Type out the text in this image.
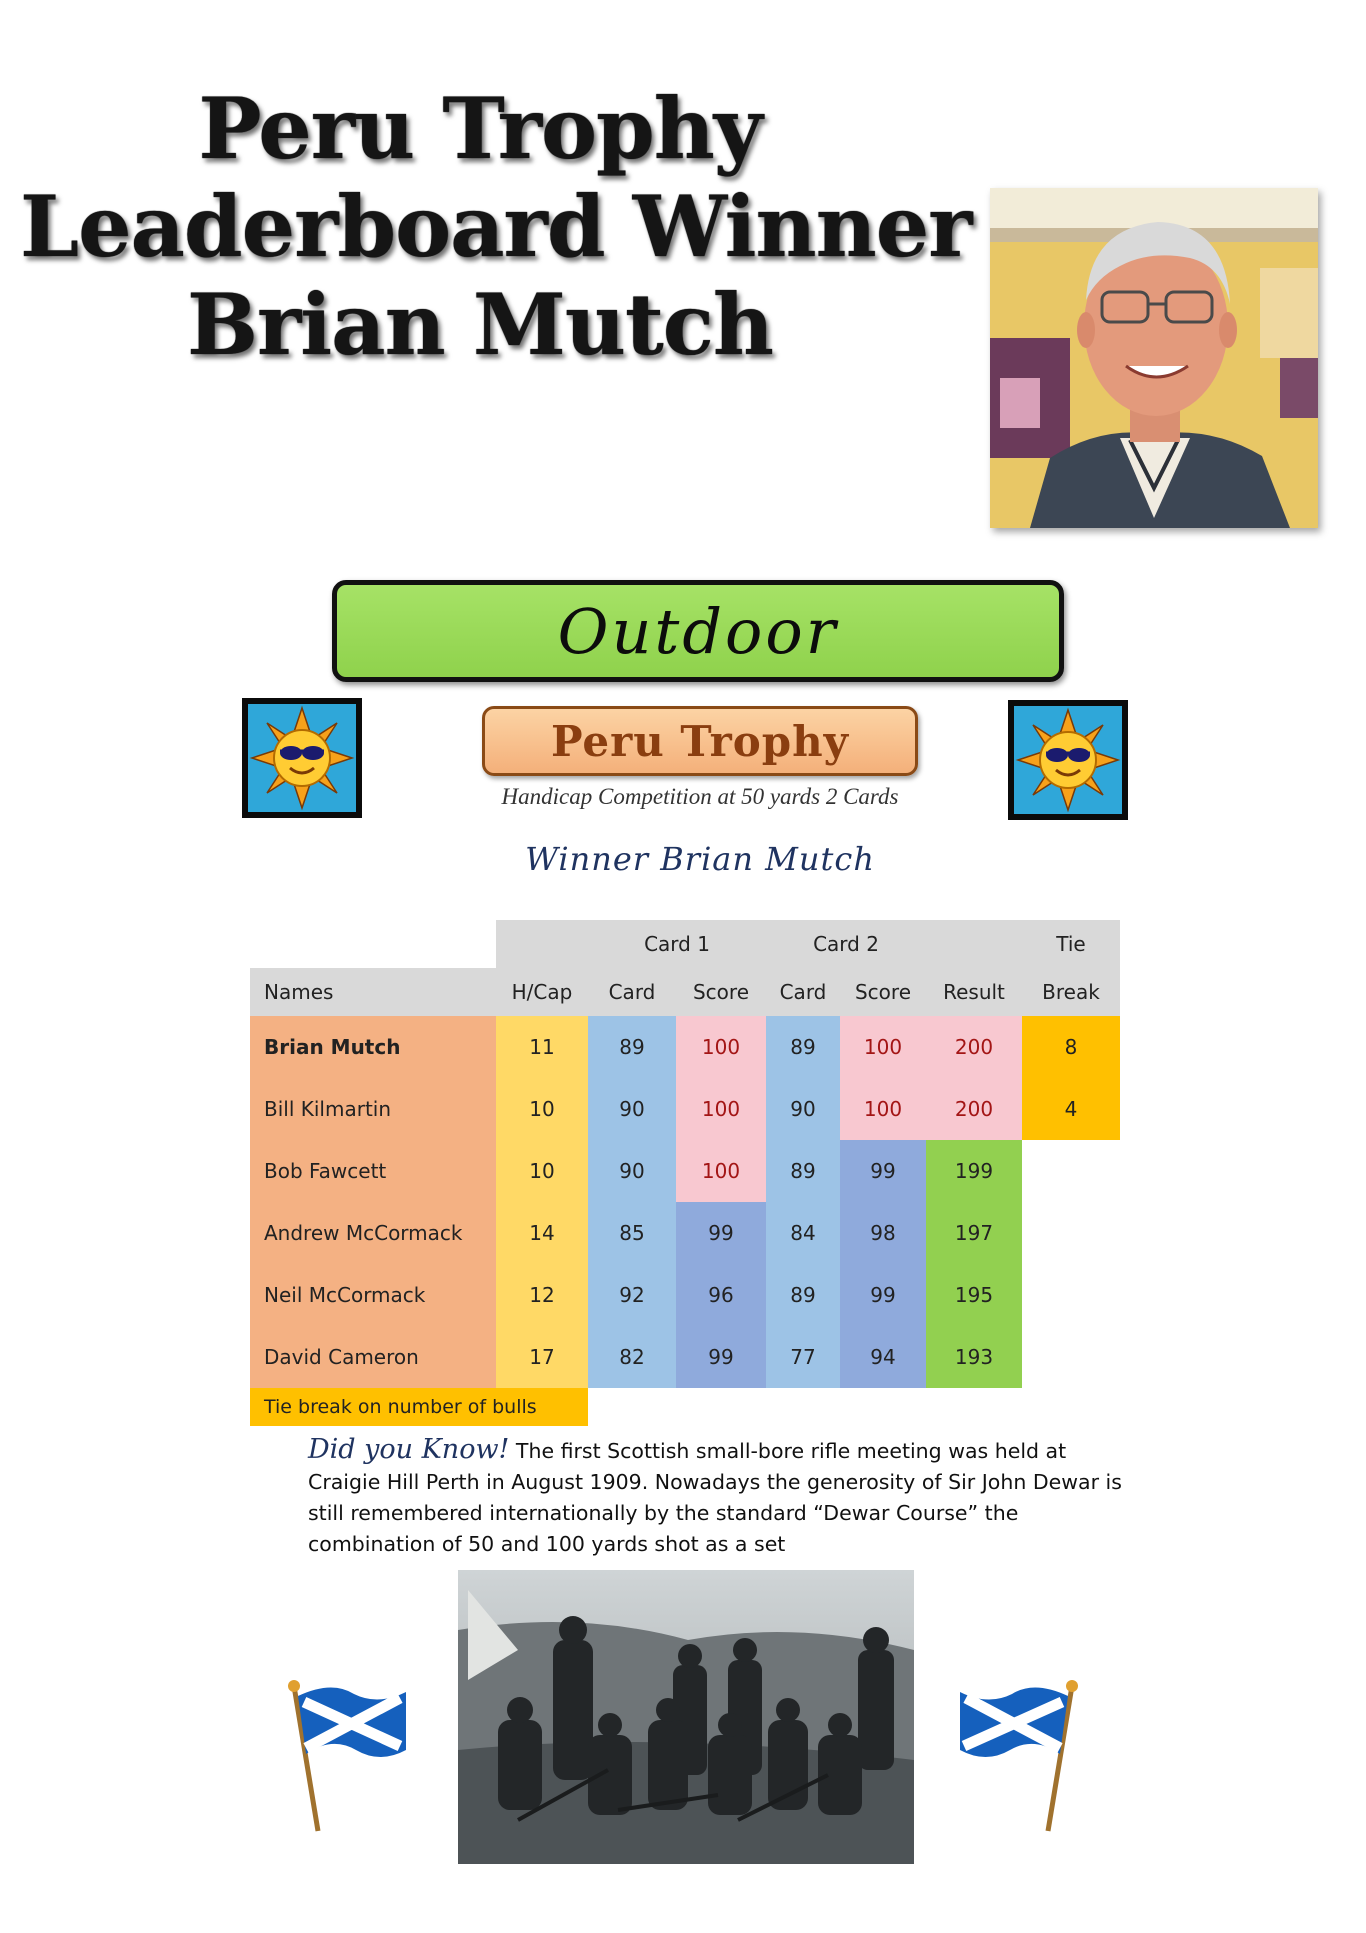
Peru Trophy
Leaderboard Winner
Brian Mutch
Outdoor
Peru Trophy
Handicap Competition at 50 yards 2 Cards
Winner Brian Mutch
		Card 1		Card 2			Tie
Names	H/Cap	Card	Score	Card	Score	Result	Break
Brian Mutch	11	89	100	89	100	200	8
Bill Kilmartin	10	90	100	90	100	200	4
Bob Fawcett	10	90	100	89	99	199	
Andrew McCormack	14	85	99	84	98	197	
Neil McCormack	12	92	96	89	99	195	
David Cameron	17	82	99	77	94	193	
Tie break on number of bulls							
Did you Know! The first Scottish small-bore rifle meeting was held at Craigie Hill Perth in August 1909. Nowadays the generosity of Sir John Dewar is still remembered internationally by the standard “Dewar Course” the combination of 50 and 100 yards shot as a set
